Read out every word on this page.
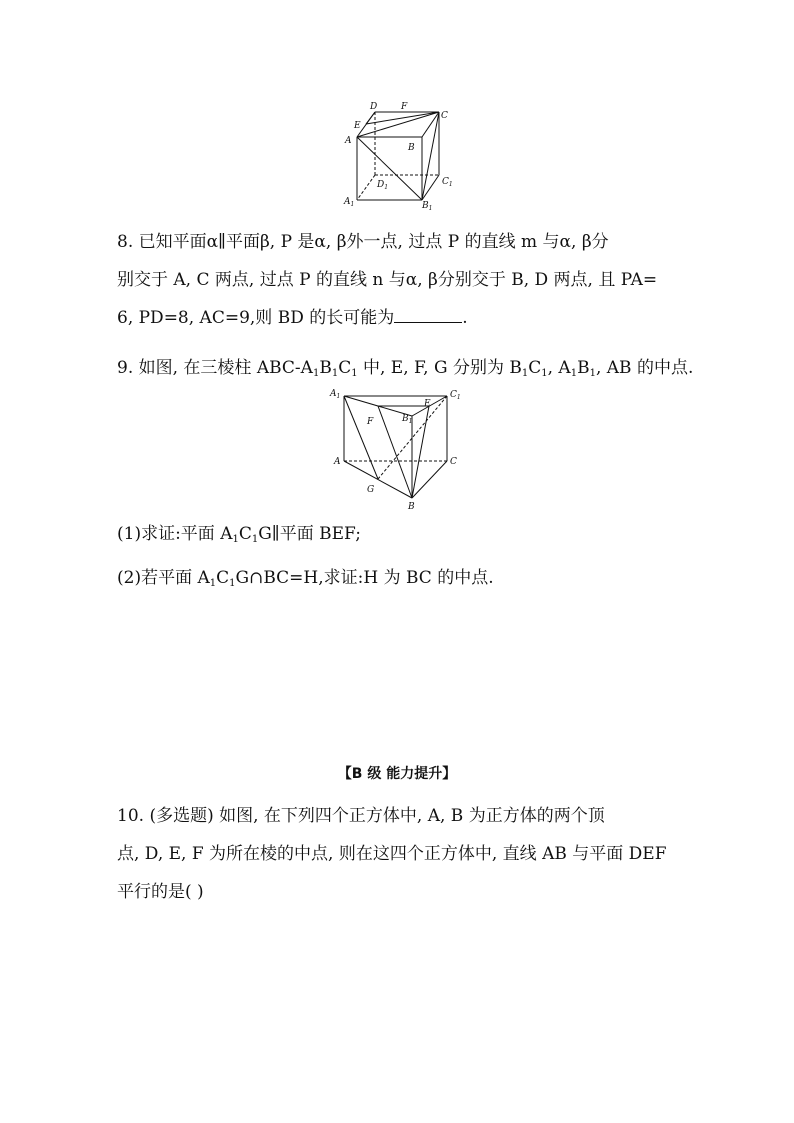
D	F
C
E
A
B
$D_1$
$C_1$
$A_1$	$B_1$
8. 已知平面α∥平面β, P 是α, β外一点, 过点 P 的直线 m 与α, β分
别交于 A, C 两点, 过点 P 的直线 n 与α, β分别交于 B, D 两点, 且 PA=
6, PD=8, AC=9,则 BD 的长可能为	.
9. 如图, 在三棱柱 ABC-$A_1B_1C_1$ 中, E, F, G 分别为 $B_1C_1$, $A_1B_1$, AB 的中点.
$A_1$	$C_1$
E
F	$B_1$
A	C
G
B
(1)求证:平面 $A_1C_1G\parallel$平面 BEF;
(2)若平面 $A_1C_1G\cap BC=H$,求证:H 为 BC 的中点.
【B 级 能力提升】
10. (多选题) 如图, 在下列四个正方体中, A, B 为正方体的两个顶
点, D, E, F 为所在棱的中点, 则在这四个正方体中, 直线 AB 与平面 DEF
平行的是( )
